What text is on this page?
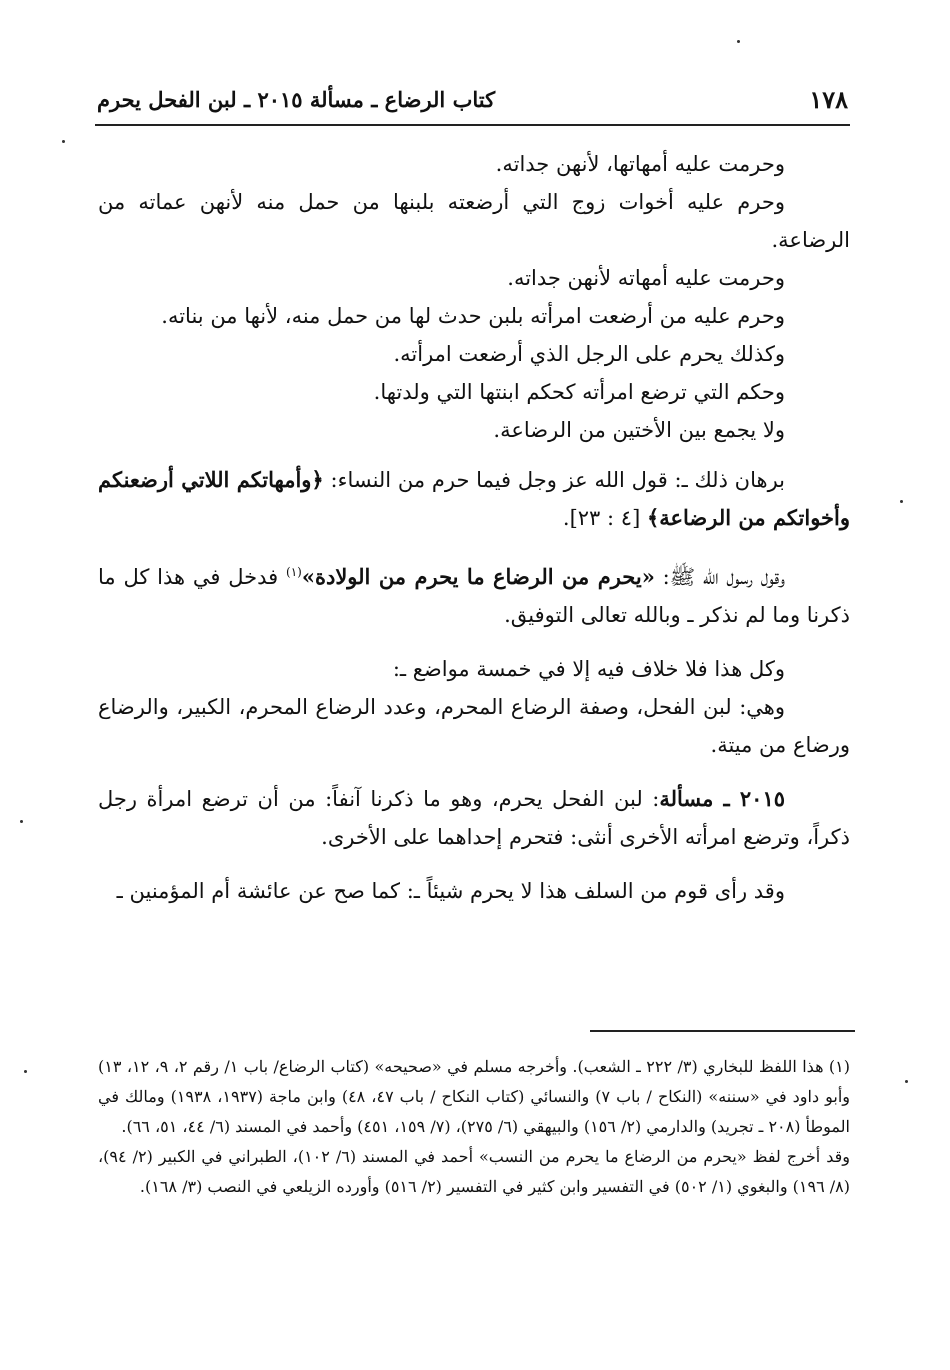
١٧٨
كتاب الرضاع ـ مسألة ٢٠١٥ ـ لبن الفحل يحرم

وحرمت عليه أمهاتها، لأنهن جداته.

وحرم عليه أخوات زوج التي أرضعته بلبنها من حمل منه لأنهن عماته من الرضاعة.

وحرمت عليه أمهاته لأنهن جداته.

وحرم عليه من أرضعت امرأته بلبن حدث لها من حمل منه، لأنها من بناته.

وكذلك يحرم على الرجل الذي أرضعت امرأته.

وحكم التي ترضع امرأته كحكم ابنتها التي ولدتها.

ولا يجمع بين الأختين من الرضاعة.

برهان ذلك ـ: قول الله عز وجل فيما حرم من النساء: ﴿وأمهاتكم اللاتي أرضعنكم وأخواتكم من الرضاعة﴾ [٤ : ٢٣].

وقول رسول الله ﷺ: «يحرم من الرضاع ما يحرم من الولادة»$^{(١)}$ فدخل في هذا كل ما ذكرنا وما لم نذكر ـ وبالله تعالى التوفيق.

وكل هذا فلا خلاف فيه إلا في خمسة مواضع ـ:

وهي: لبن الفحل، وصفة الرضاع المحرم، وعدد الرضاع المحرم، الكبير، والرضاع ورضاع من ميتة.

٢٠١٥ ـ مسألة: لبن الفحل يحرم، وهو ما ذكرنا آنفاً: من أن ترضع امرأة رجل ذكراً، وترضع امرأته الأخرى أنثى: فتحرم إحداهما على الأخرى.

وقد رأى قوم من السلف هذا لا يحرم شيئاً ـ: كما صح عن عائشة أم المؤمنين ـ

(١) هذا اللفظ للبخاري (٣/ ٢٢٢ ـ الشعب). وأخرجه مسلم في «صحيحه» (كتاب الرضاع/ باب ١/ رقم ٢، ٩، ١٢، ١٣) وأبو داود في «سننه» (النكاح / باب ٧) والنسائي (كتاب النكاح / باب ٤٧، ٤٨) وابن ماجة (١٩٣٧، ١٩٣٨) ومالك في الموطأ (٢٠٨ ـ تجريد) والدارمي (٢/ ١٥٦) والبيهقي (٦/ ٢٧٥)، (٧/ ١٥٩، ٤٥١) وأحمد في المسند (٦/ ٤٤، ٥١، ٦٦).

وقد أخرج لفظ «يحرم من الرضاع ما يحرم من النسب» أحمد في المسند (٦/ ١٠٢)، الطبراني في الكبير (٢/ ٩٤)، (٨/ ١٩٦) والبغوي (١/ ٥٠٢) في التفسير وابن كثير في التفسير (٢/ ٥١٦) وأورده الزيلعي في النصب (٣/ ١٦٨).
